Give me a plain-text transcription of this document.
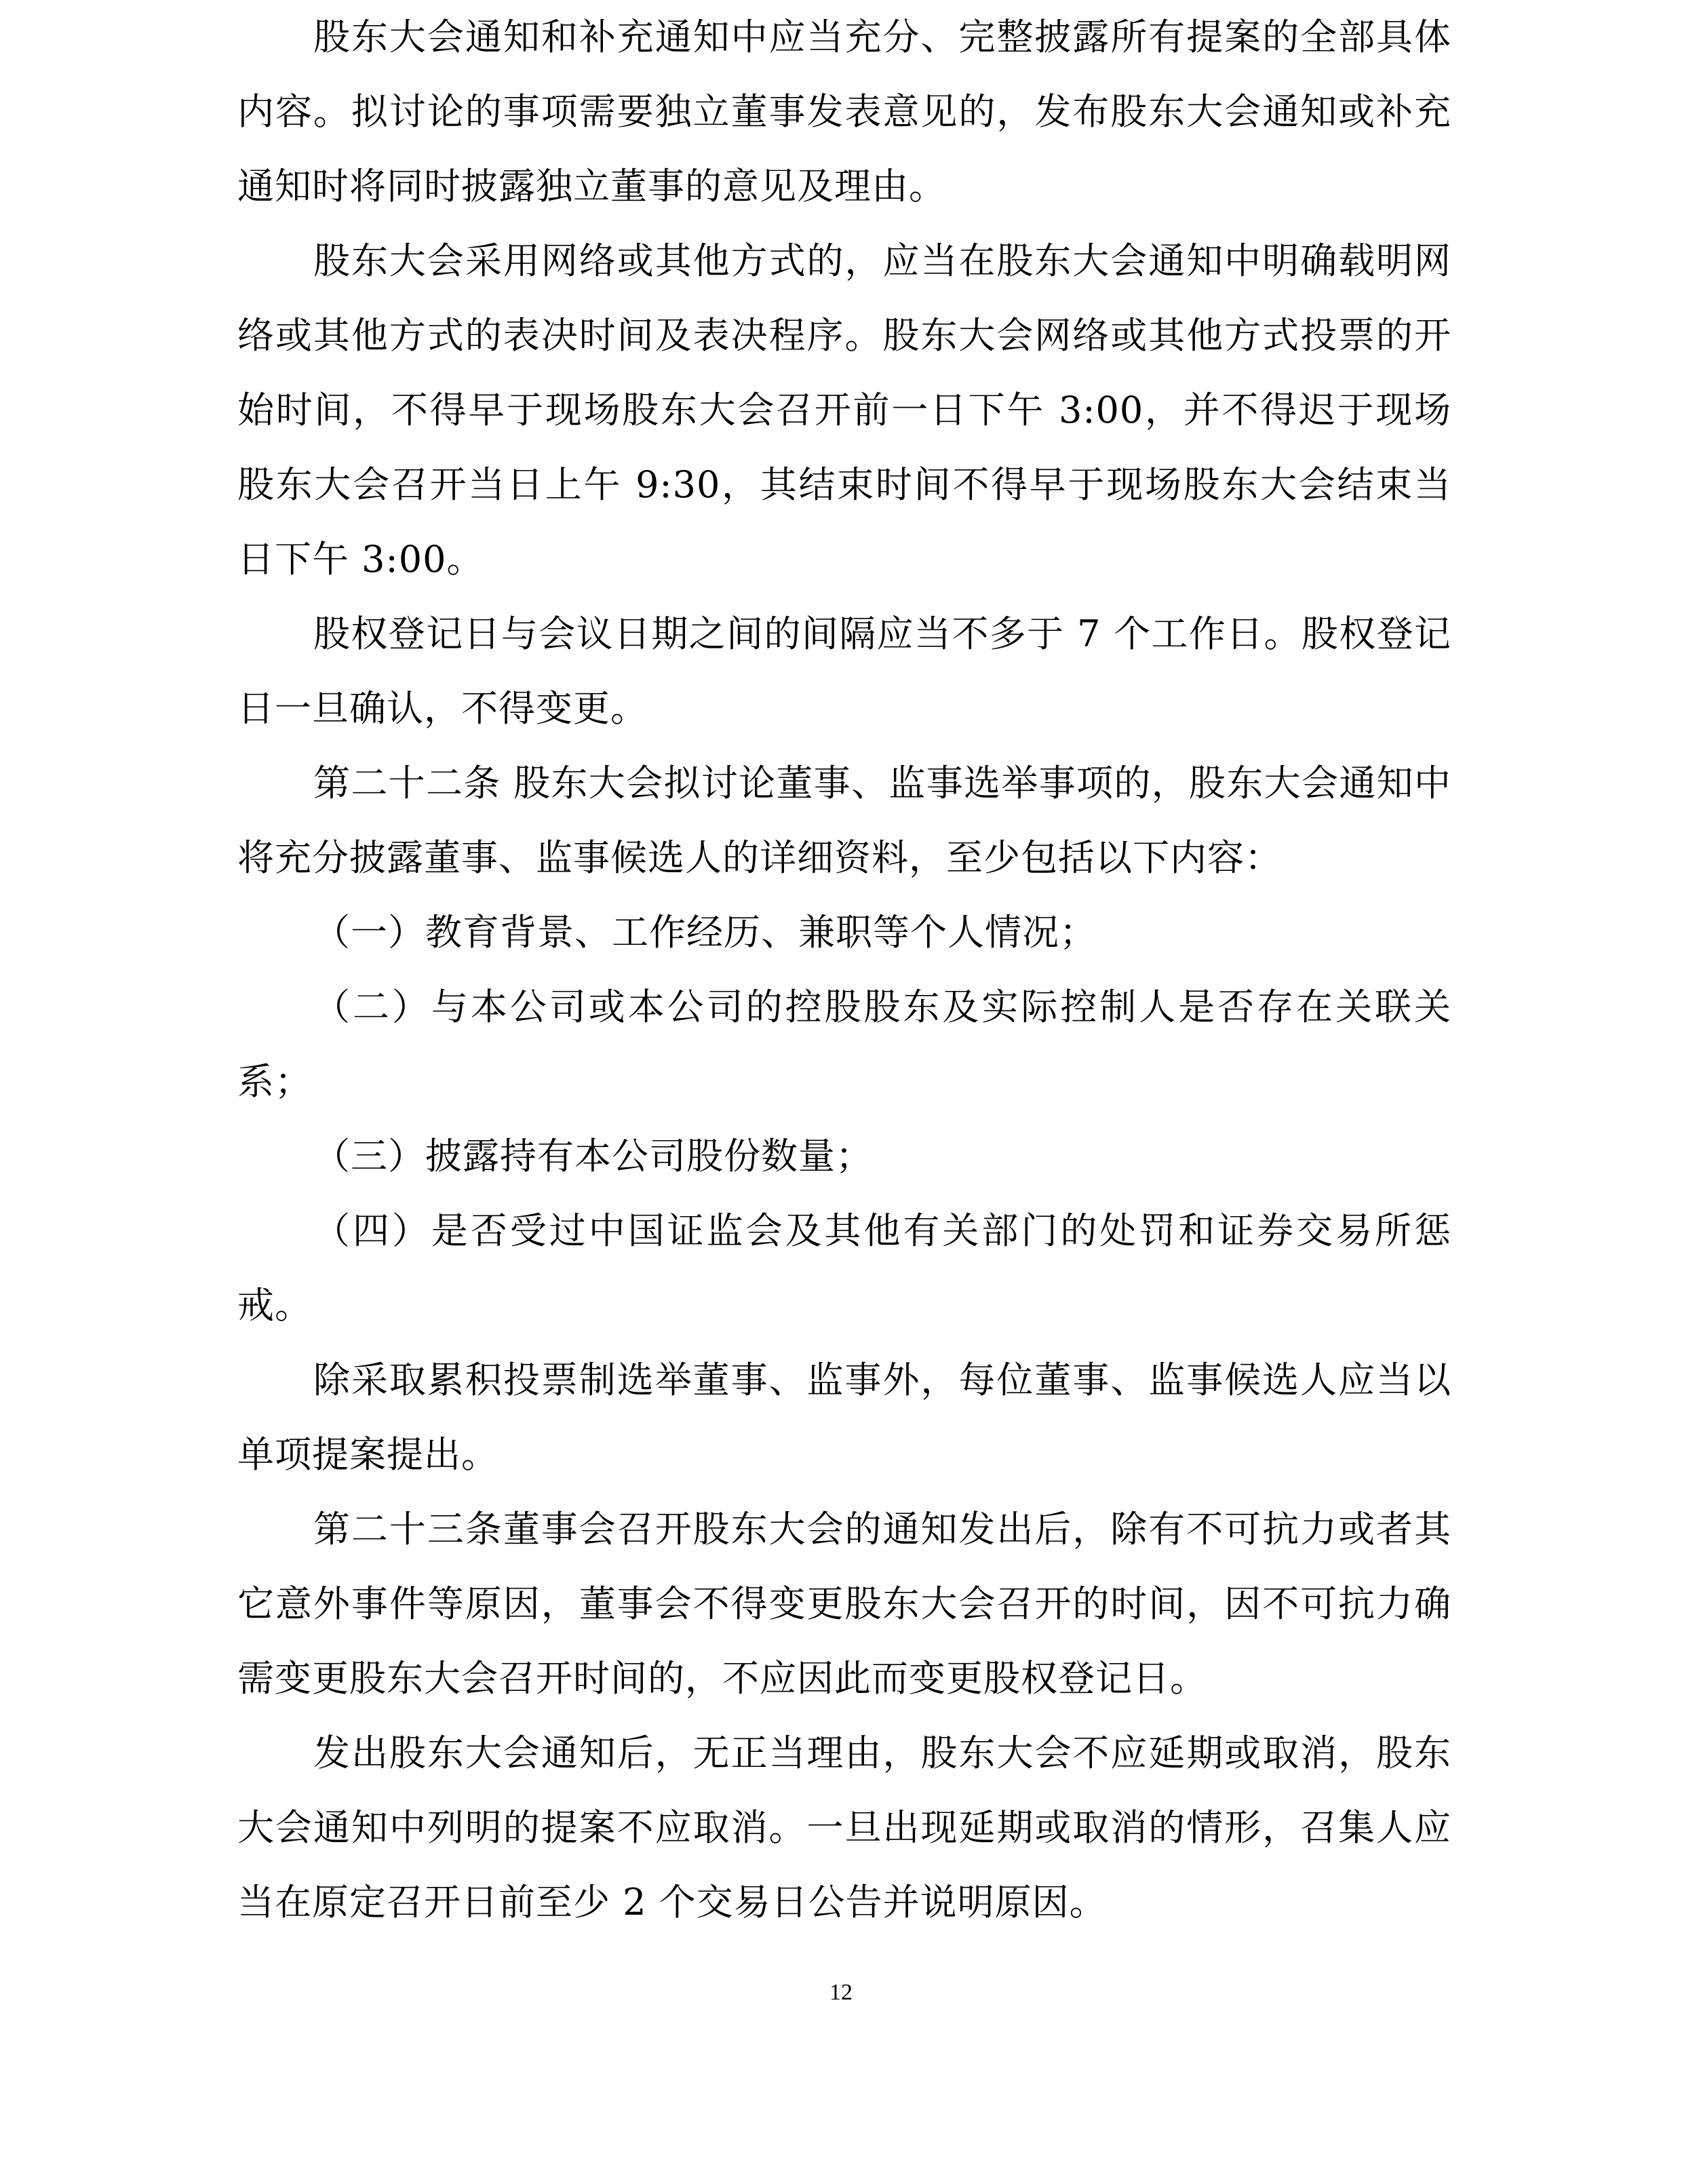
股东大会通知和补充通知中应当充分、完整披露所有提案的全部具体内容。拟讨论的事项需要独立董事发表意见的，发布股东大会通知或补充通知时将同时披露独立董事的意见及理由。

股东大会采用网络或其他方式的，应当在股东大会通知中明确载明网络或其他方式的表决时间及表决程序。股东大会网络或其他方式投票的开始时间，不得早于现场股东大会召开前一日下午 3:00，并不得迟于现场股东大会召开当日上午 9:30，其结束时间不得早于现场股东大会结束当日下午 3:00。

股权登记日与会议日期之间的间隔应当不多于 7 个工作日。股权登记日一旦确认，不得变更。

第二十二条 股东大会拟讨论董事、监事选举事项的，股东大会通知中将充分披露董事、监事候选人的详细资料，至少包括以下内容：

（一）教育背景、工作经历、兼职等个人情况；

（二）与本公司或本公司的控股股东及实际控制人是否存在关联关系；

（三）披露持有本公司股份数量；

（四）是否受过中国证监会及其他有关部门的处罚和证券交易所惩戒。

除采取累积投票制选举董事、监事外，每位董事、监事候选人应当以单项提案提出。

第二十三条董事会召开股东大会的通知发出后，除有不可抗力或者其它意外事件等原因，董事会不得变更股东大会召开的时间，因不可抗力确需变更股东大会召开时间的，不应因此而变更股权登记日。

发出股东大会通知后，无正当理由，股东大会不应延期或取消，股东大会通知中列明的提案不应取消。一旦出现延期或取消的情形，召集人应当在原定召开日前至少 2 个交易日公告并说明原因。

12
